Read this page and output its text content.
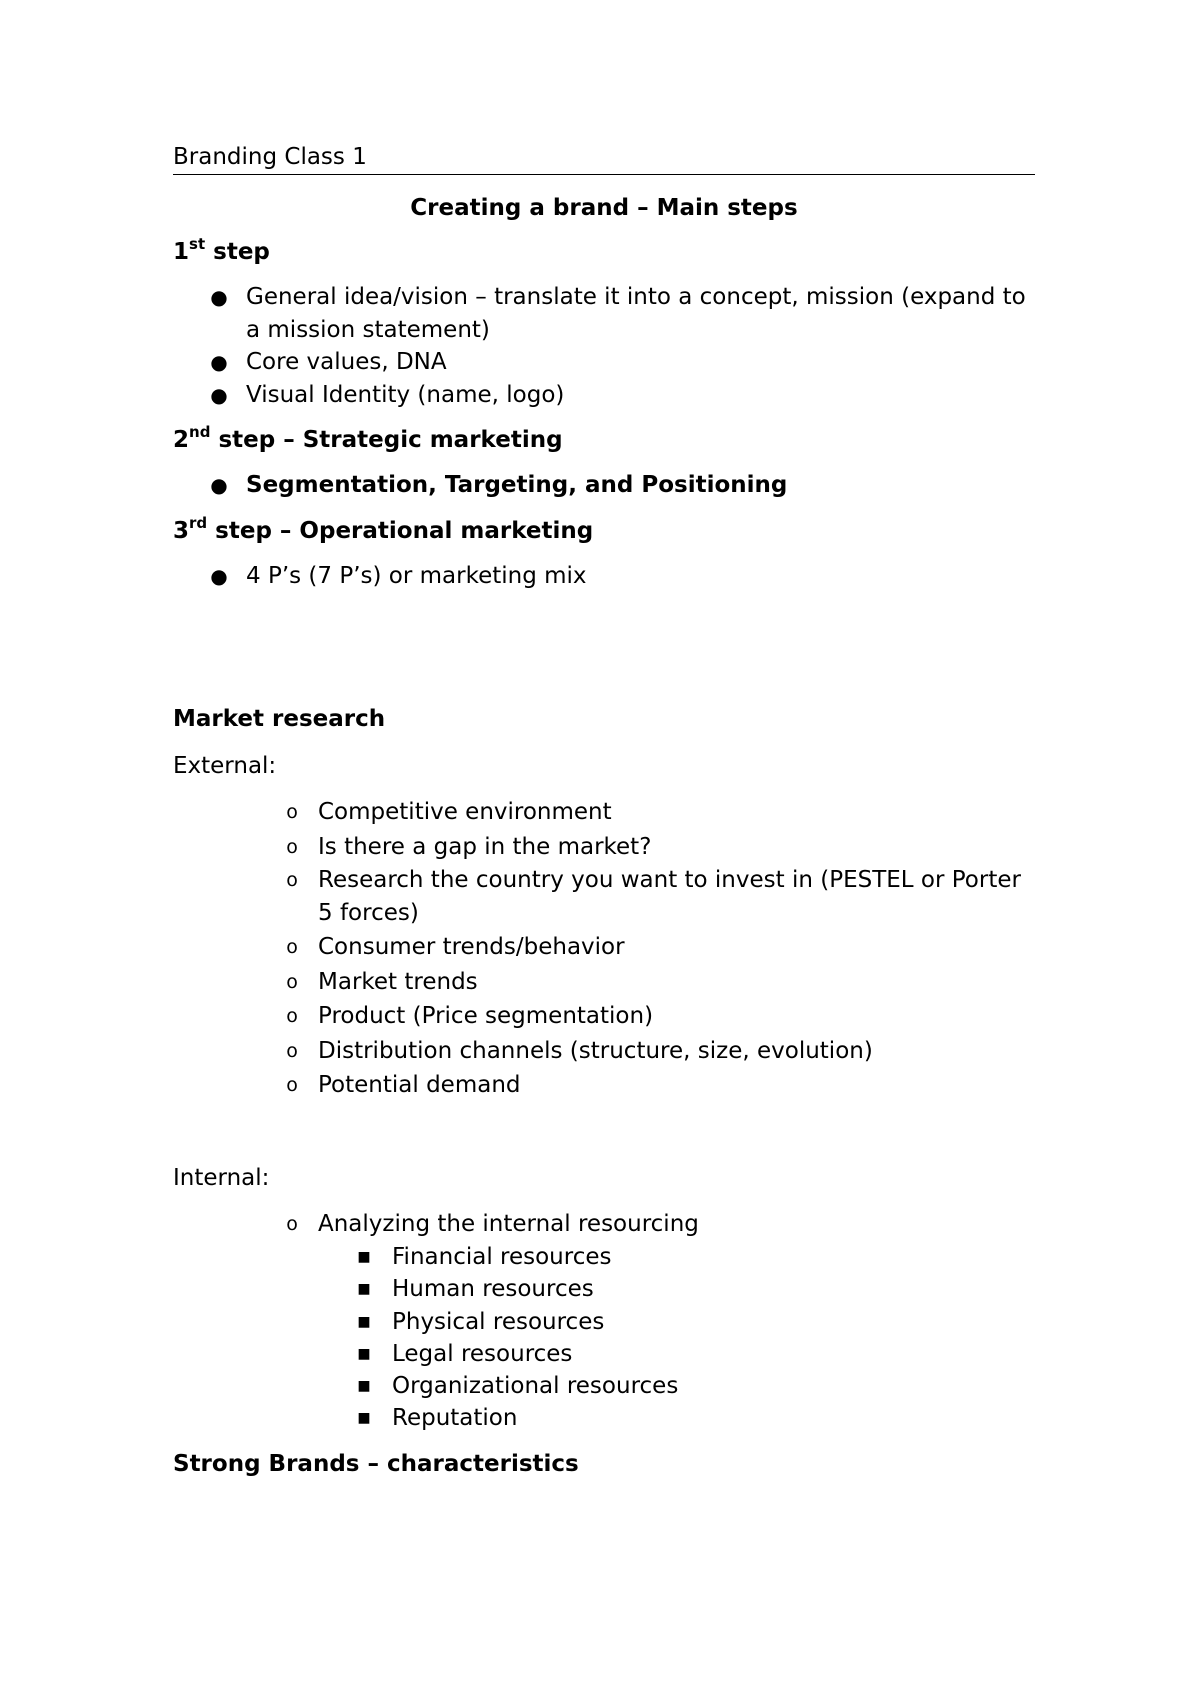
Branding Class 1
Creating a brand – Main steps
1st step
● General idea/vision – translate it into a concept, mission (expand to a mission statement)
● Core values, DNA
● Visual Identity (name, logo)
2nd step – Strategic marketing
● Segmentation, Targeting, and Positioning
3rd step – Operational marketing
● 4 P’s (7 P’s) or marketing mix
Market research
External:
o Competitive environment
o Is there a gap in the market?
o Research the country you want to invest in (PESTEL or Porter 5 forces)
o Consumer trends/behavior
o Market trends
o Product (Price segmentation)
o Distribution channels (structure, size, evolution)
o Potential demand
Internal:
o Analyzing the internal resourcing
■ Financial resources
■ Human resources
■ Physical resources
■ Legal resources
■ Organizational resources
■ Reputation
Strong Brands – characteristics
